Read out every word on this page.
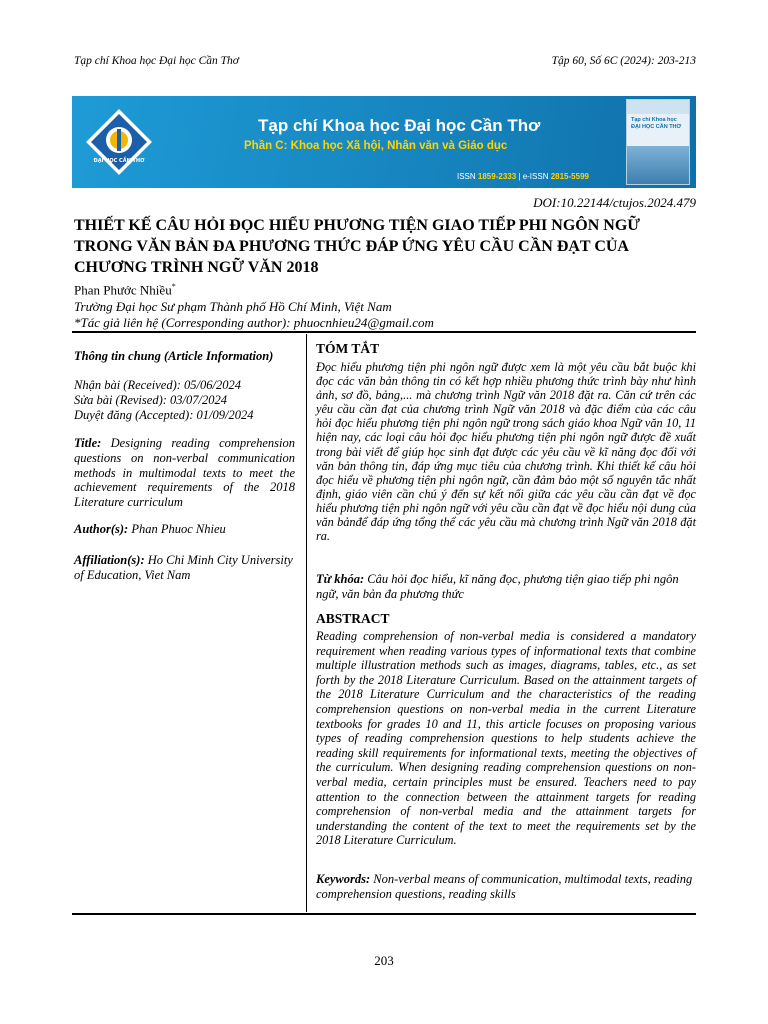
Tạp chí Khoa học Đại học Cần Thơ	Tập 60, Số 6C (2024): 203-213
ĐẠI HỌC CẦN THƠ
Tạp chí Khoa học Đại học Cần Thơ
Phần C: Khoa học Xã hội, Nhân văn và Giáo dục
ISSN 1859-2333 | e-ISSN 2815-5599
Tạp chí Khoa học ĐẠI HỌC CẦN THƠ
DOI:10.22144/ctujos.2024.479
THIẾT KẾ CÂU HỎI ĐỌC HIỂU PHƯƠNG TIỆN GIAO TIẾP PHI NGÔN NGỮ TRONG VĂN BẢN ĐA PHƯƠNG THỨC ĐÁP ỨNG YÊU CẦU CẦN ĐẠT CỦA CHƯƠNG TRÌNH NGỮ VĂN 2018
Phan Phước Nhiều*
Trường Đại học Sư phạm Thành phố Hồ Chí Minh, Việt Nam
*Tác giả liên hệ (Corresponding author): phuocnhieu24@gmail.com
Thông tin chung (Article Information)
Nhận bài (Received): 05/06/2024
Sửa bài (Revised): 03/07/2024
Duyệt đăng (Accepted): 01/09/2024
Title: Designing reading comprehension questions on non-verbal communication methods in multimodal texts to meet the achievement requirements of the 2018 Literature curriculum
Author(s): Phan Phuoc Nhieu
Affiliation(s): Ho Chi Minh City University of Education, Viet Nam
TÓM TẮT
Đọc hiểu phương tiện phi ngôn ngữ được xem là một yêu cầu bắt buộc khi đọc các văn bản thông tin có kết hợp nhiều phương thức trình bày như hình ảnh, sơ đồ, bảng,... mà chương trình Ngữ văn 2018 đặt ra. Căn cứ trên các yêu cầu cần đạt của chương trình Ngữ văn 2018 và đặc điểm của các câu hỏi đọc hiểu phương tiện phi ngôn ngữ trong sách giáo khoa Ngữ văn 10, 11 hiện nay, các loại câu hỏi đọc hiểu phương tiện phi ngôn ngữ được đề xuất trong bài viết để giúp học sinh đạt được các yêu cầu về kĩ năng đọc đối với văn bản thông tin, đáp ứng mục tiêu của chương trình. Khi thiết kế câu hỏi đọc hiểu về phương tiện phi ngôn ngữ, cần đảm bảo một số nguyên tắc nhất định, giáo viên cần chú ý đến sự kết nối giữa các yêu cầu cần đạt về đọc hiểu phương tiện phi ngôn ngữ với yêu cầu cần đạt về đọc hiểu nội dung của văn bảnđể đáp ứng tổng thể các yêu cầu mà chương trình Ngữ văn 2018 đặt ra.
Từ khóa: Câu hỏi đọc hiểu, kĩ năng đọc, phương tiện giao tiếp phi ngôn ngữ, văn bản đa phương thức
ABSTRACT
Reading comprehension of non-verbal media is considered a mandatory requirement when reading various types of informational texts that combine multiple illustration methods such as images, diagrams, tables, etc., as set forth by the 2018 Literature Curriculum. Based on the attainment targets of the 2018 Literature Curriculum and the characteristics of the reading comprehension questions on non-verbal media in the current Literature textbooks for grades 10 and 11, this article focuses on proposing various types of reading comprehension questions to help students achieve the reading skill requirements for informational texts, meeting the objectives of the curriculum. When designing reading comprehension questions on non-verbal media, certain principles must be ensured. Teachers need to pay attention to the connection between the attainment targets for reading comprehension of non-verbal media and the attainment targets for understanding the content of the text to meet the requirements set by the 2018 Literature Curriculum.
Keywords: Non-verbal means of communication, multimodal texts, reading comprehension questions, reading skills
203
